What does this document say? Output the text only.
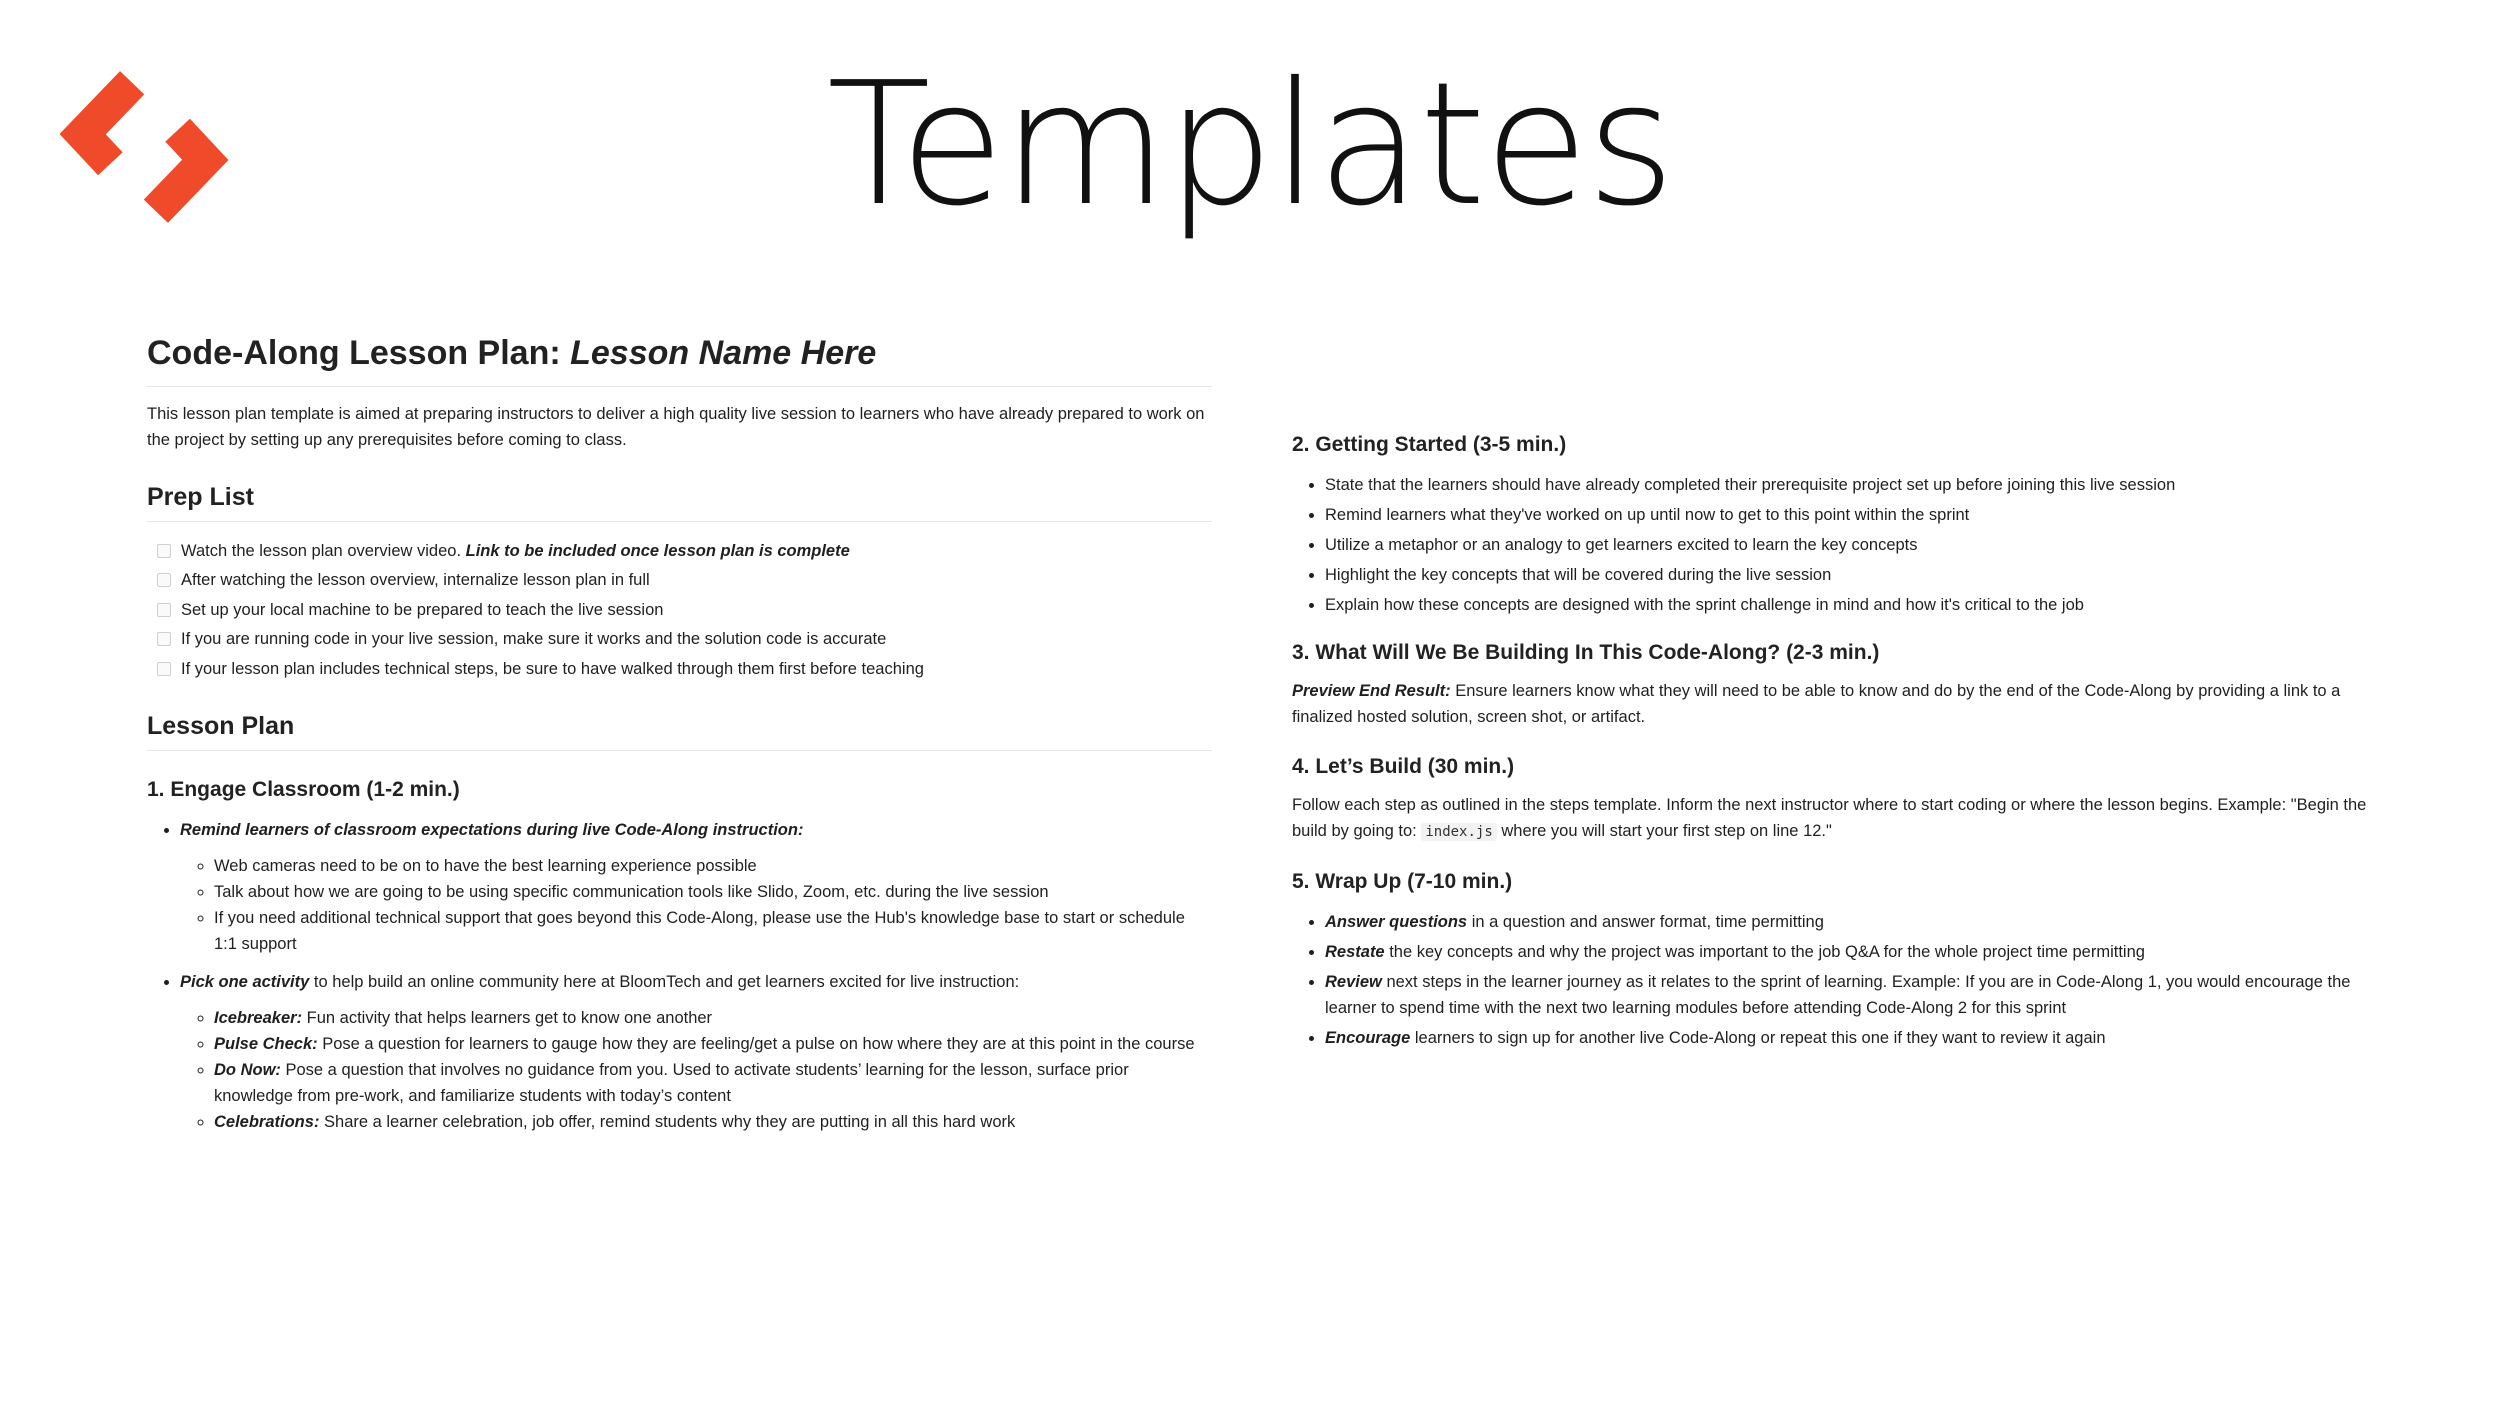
Templates
Code-Along Lesson Plan: Lesson Name Here

This lesson plan template is aimed at preparing instructors to deliver a high quality live session to learners who have already prepared to work on the project by setting up any prerequisites before coming to class.

Prep List
Watch the lesson plan overview video. Link to be included once lesson plan is complete
After watching the lesson overview, internalize lesson plan in full
Set up your local machine to be prepared to teach the live session
If you are running code in your live session, make sure it works and the solution code is accurate
If your lesson plan includes technical steps, be sure to have walked through them first before teaching
Lesson Plan
1. Engage Classroom (1-2 min.)
• Remind learners of classroom expectations during live Code-Along instruction:
◦ Web cameras need to be on to have the best learning experience possible
◦ Talk about how we are going to be using specific communication tools like Slido, Zoom, etc. during the live session
◦ If you need additional technical support that goes beyond this Code-Along, please use the Hub's knowledge base to start or schedule 1:1 support
• Pick one activity to help build an online community here at BloomTech and get learners excited for live instruction:
◦ Icebreaker: Fun activity that helps learners get to know one another
◦ Pulse Check: Pose a question for learners to gauge how they are feeling/get a pulse on how where they are at this point in the course
◦ Do Now: Pose a question that involves no guidance from you. Used to activate students’ learning for the lesson, surface prior knowledge from pre-work, and familiarize students with today’s content
◦ Celebrations: Share a learner celebration, job offer, remind students why they are putting in all this hard work
2. Getting Started (3-5 min.)
• State that the learners should have already completed their prerequisite project set up before joining this live session
• Remind learners what they've worked on up until now to get to this point within the sprint
• Utilize a metaphor or an analogy to get learners excited to learn the key concepts
• Highlight the key concepts that will be covered during the live session
• Explain how these concepts are designed with the sprint challenge in mind and how it's critical to the job
3. What Will We Be Building In This Code-Along? (2-3 min.)

Preview End Result: Ensure learners know what they will need to be able to know and do by the end of the Code-Along by providing a link to a finalized hosted solution, screen shot, or artifact.

4. Let’s Build (30 min.)

Follow each step as outlined in the steps template. Inform the next instructor where to start coding or where the lesson begins. Example: "Begin the build by going to: index.js where you will start your first step on line 12."

5. Wrap Up (7-10 min.)
• Answer questions in a question and answer format, time permitting
• Restate the key concepts and why the project was important to the job Q&A for the whole project time permitting
• Review next steps in the learner journey as it relates to the sprint of learning. Example: If you are in Code-Along 1, you would encourage the learner to spend time with the next two learning modules before attending Code-Along 2 for this sprint
• Encourage learners to sign up for another live Code-Along or repeat this one if they want to review it again
